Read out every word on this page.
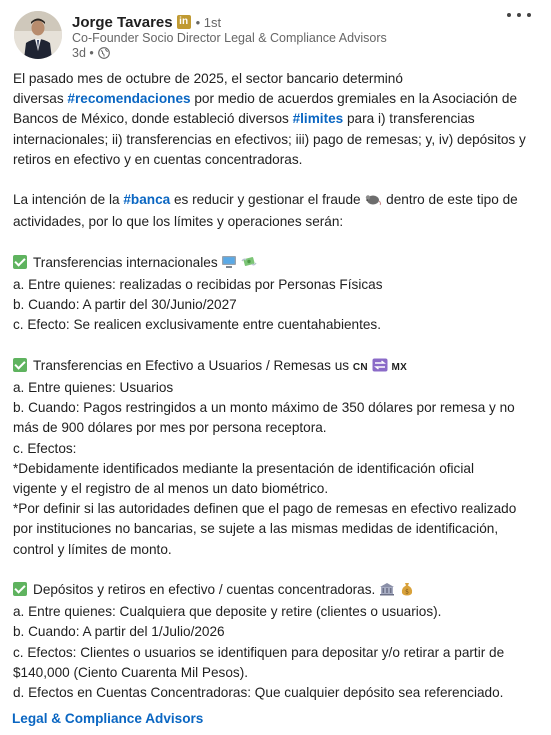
Jorge Tavares in • 1st
Co-Founder Socio Director Legal & Compliance Advisors
3d •

El pasado mes de octubre de 2025, el sector bancario determinó

diversas #recomendaciones por medio de acuerdos gremiales en la Asociación de

Bancos de México, donde estableció diversos #limites para i) transferencias

internacionales; ii) transferencias en efectivos; iii) pago de remesas; y, iv) depósitos y

retiros en efectivo y en cuentas concentradoras.

La intención de la #banca es reducir y gestionar el fraude  dentro de este tipo de

actividades, por lo que los límites y operaciones serán:

Transferencias internacionales

a. Entre quienes: realizadas o recibidas por Personas Físicas

b. Cuando: A partir del 30/Junio/2027

c. Efecto: Se realicen exclusivamente entre cuentahabientes.

Transferencias en Efectivo a Usuarios / Remesas us CN MX

a. Entre quienes: Usuarios

b. Cuando: Pagos restringidos a un monto máximo de 350 dólares por remesa y no

más de 900 dólares por mes por persona receptora.

c. Efectos:

*Debidamente identificados mediante la presentación de identificación oficial

vigente y el registro de al menos un dato biométrico.

*Por definir si las autoridades definen que el pago de remesas en efectivo realizado

por instituciones no bancarias, se sujete a las mismas medidas de identificación,

control y límites de monto.

Depósitos y retiros en efectivo / cuentas concentradoras.	$

a. Entre quienes: Cualquiera que deposite y retire (clientes o usuarios).

b. Cuando: A partir del 1/Julio/2026

c. Efectos: Clientes o usuarios se identifiquen para depositar y/o retirar a partir de

$140,000 (Ciento Cuarenta Mil Pesos).

d. Efectos en Cuentas Concentradoras: Que cualquier depósito sea referenciado.

Legal & Compliance Advisors
